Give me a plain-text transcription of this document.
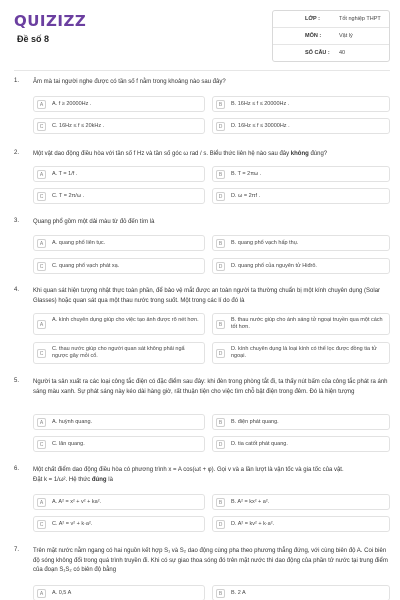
QUIZIZZ
Đề số 8
LỚP :	Tốt nghiệp THPT
MÔN :	Vật lý
SỐ CÂU : 40
1. Âm mà tai người nghe được có tần số f nằm trong khoảng nào sau đây?
A	A. f ≥ 20000Hz .	B	B. 16Hz ≤ f ≤ 20000Hz .
C	C. 16Hz ≤ f ≤ 20kHz .	D	D. 16Hz ≤ f ≤ 30000Hz .
2. Một vật dao động điều hòa với tần số f Hz và tần số góc ω rad / s. Biểu thức liên hệ nào sau đây không đúng?
A	A. T = 1/f .	B	B. T = 2πω .
C	C. T = 2π/ω .	D	D. ω = 2πf .
3. Quang phổ gồm một dải màu từ đỏ đến tím là
A	A. quang phổ liên tục.	B	B. quang phổ vạch hấp thụ.
C	C. quang phổ vạch phát xạ.	D	D. quang phổ của nguyên tử Hiđrô.
4. Khi quan sát hiện tượng nhật thực toàn phần, để bảo vệ mắt được an toàn người ta thường chuẩn bị một kính chuyên dụng (Solar Glasses) hoặc quan sát qua một thau nước trong suốt. Một trong các lí do đó là
A
A. kính chuyên dụng giúp cho việc tạo ảnh được rõ nét hơn.
B
B. thau nước giúp cho ánh sáng tử ngoại truyền qua một cách tốt hơn.
C
C. thau nước giúp cho người quan sát không phải ngẩ ngược gây mỏi cổ.	D
D. kính chuyên dụng là loại kính có thể lọc được đồng tia tử ngoại.
5. Người ta sản xuất ra các loại công tắc điện có đặc điểm sau đây: khi đèn trong phòng tắt đi, ta thấy nút bấm của công tắc phát ra ánh sáng màu xanh. Sự phát sáng này kéo dài hàng giờ, rất thuận tiện cho việc tìm chỗ bật điện trong đêm. Đó là hiện tượng
A	A. huỳnh quang.	B	B. điện phát quang.
C	C. lân quang.	D	D. tia catốt phát quang.
6. Một chất điểm dao động điều hòa có phương trình x = A cos(ωt + φ). Gọi v và a lần lượt là vận tốc và gia tốc của vật.
Đặt k = 1/ω². Hệ thức đúng là
A	A. A² = x² + v² + ka².	B	B. A² = kx² + a².
C	C. A² = v² + k·a².	D	D. A² = kv² + k·a².
7. Trên mặt nước nằm ngang có hai nguồn kết hợp S₁ và S₂ dao động cùng pha theo phương thẳng đứng, với cùng biên độ A. Coi biên độ sóng không đổi trong quá trình truyền đi. Khi có sự giao thoa sóng đó trên mặt nước thì dao động của phần tử nước tại trung điểm của đoạn S₁S₂ có biên độ bằng
A	A. 0,5 A	B	B. 2 A
